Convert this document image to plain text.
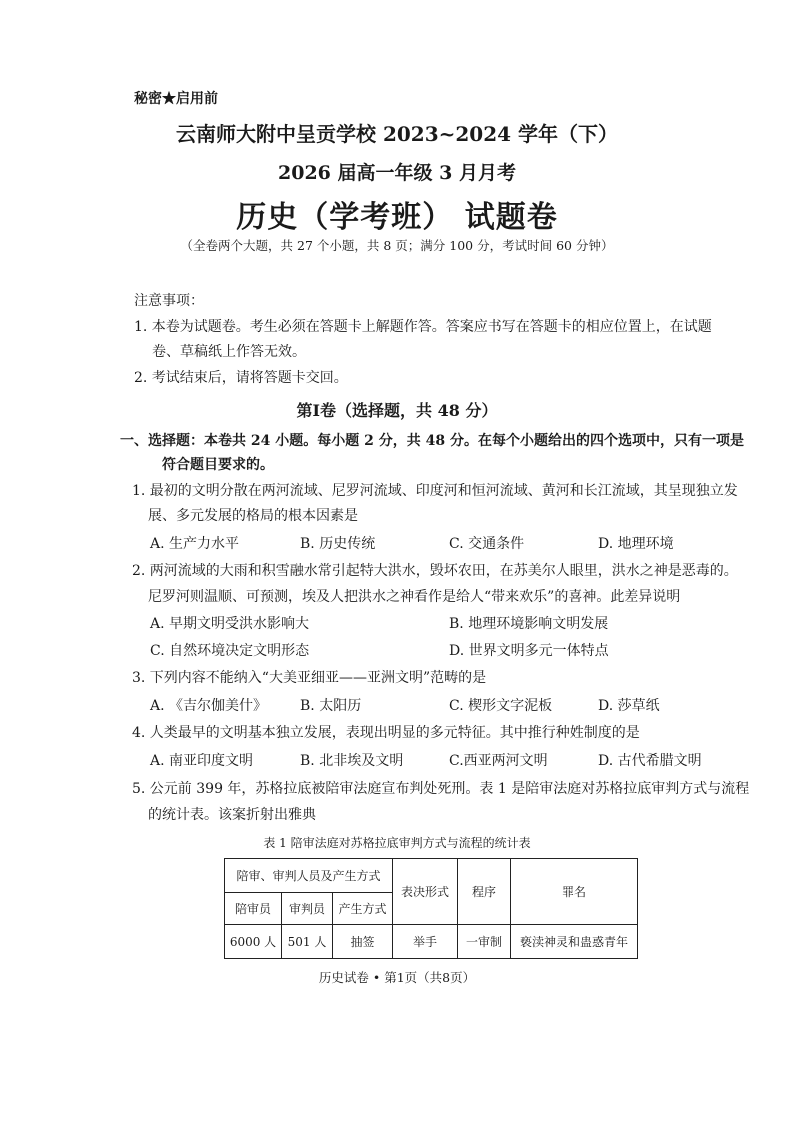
秘密★启用前
云南师大附中呈贡学校 2023~2024 学年（下）
2026 届高一年级 3 月月考
历史（学考班） 试题卷
（全卷两个大题，共 27 个小题，共 8 页；满分 100 分，考试时间 60 分钟）
注意事项：
1. 本卷为试题卷。考生必须在答题卡上解题作答。答案应书写在答题卡的相应位置上，在试题
卷、草稿纸上作答无效。
2. 考试结束后，请将答题卡交回。
第Ⅰ卷（选择题，共 48 分）
一、选择题：本卷共 24 小题。每小题 2 分，共 48 分。在每个小题给出的四个选项中，只有一项是
符合题目要求的。
1. 最初的文明分散在两河流域、尼罗河流域、印度河和恒河流域、黄河和长江流域，其呈现独立发
展、多元发展的格局的根本因素是
A. 生产力水平	B. 历史传统	C. 交通条件	D. 地理环境
2. 两河流域的大雨和积雪融水常引起特大洪水，毁坏农田，在苏美尔人眼里，洪水之神是恶毒的。
尼罗河则温顺、可预测，埃及人把洪水之神看作是给人“带来欢乐”的喜神。此差异说明
A. 早期文明受洪水影响大	B. 地理环境影响文明发展
C. 自然环境决定文明形态	D. 世界文明多元一体特点
3. 下列内容不能纳入“大美亚细亚——亚洲文明”范畴的是
A. 《吉尔伽美什》 B. 太阳历	C. 楔形文字泥板	D. 莎草纸
4. 人类最早的文明基本独立发展，表现出明显的多元特征。其中推行种姓制度的是
A. 南亚印度文明	B. 北非埃及文明	C.西亚两河文明	D. 古代希腊文明
5. 公元前 399 年，苏格拉底被陪审法庭宣布判处死刑。表 1 是陪审法庭对苏格拉底审判方式与流程
的统计表。该案折射出雅典
表 1 陪审法庭对苏格拉底审判方式与流程的统计表
陪审、审判人员及产生方式			表决形式	程序	罪名
陪审员	审判员	产生方式			
6000 人	501 人	抽签	举手	一审制	亵渎神灵和蛊惑青年
历史试卷 • 第1页（共8页）
